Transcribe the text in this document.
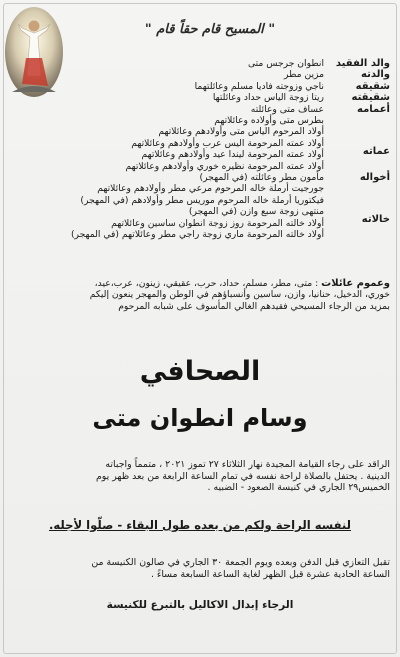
" المسيح قام حقاً قام "
والد الفقيد
انطوان جرجس متى
والدته
مزين مطر
شقيقه
ناجي وزوجته فاديا مسلم وعائلتهما
شقيقته
ريتا زوجة الياس حداد وعائلتها
أعمامه
عساف متى وعائلته
بطرس متى وأولاده وعائلاتهم
أولاد المرحوم الياس متى وأولادهم وعائلاتهم
عماته
أولاد عمته المرحومة اليس عرب وأولادهم وعائلاتهم
أولاد عمته المرحومة ليندا عيد وأولادهم وعائلاتهم
أولاد عمته المرحومة نظيره خوري وأولادهم وعائلاتهم
أخواله
مأمون مطر وعائلته (في المهجر)
جورجيت أرملة خاله المرحوم مرعي مطر وأولادهم وعائلاتهم
فيكتوريا أرملة خاله المرحوم موريس مطر وأولادهم (في المهجر)
خالاته
منتهى زوجة سبع وازن (في المهجر)
أولاد خالته المرحومة روز زوجة انطوان ساسين وعائلاتهم
أولاد خالته المرحومة ماري زوجة راجي مطر وعائلاتهم (في المهجر)
وعموم عائلات : متى، مطر، مسلم، حداد، حرب، عقيقي، زينون، عرب،عيد،
خوري، الدخيل، حنانيا، وازن، ساسين وأنسباؤهم في الوطن والمهجر ينعون إليكم
بمزيد من الرجاء المسيحي فقيدهم الغالي المأسوف على شبابه المرحوم
الصحافي
وسام انطوان متى
الراقد على رجاء القيامة المجيدة نهار الثلاثاء ٢٧ تموز ٢٠٢١ ، متمماً واجباته
الدينية . يحتفل بالصلاة لراحة نفسه في تمام الساعة الرابعة من بعد ظهر يوم
الخميس٢٩ الجاري في كنيسة الصعود - الضبيه .
لنفسه الراحة ولكم من بعده طول البقاء - صلّوا لأجله.
تقبل التعازي قبل الدفن وبعده ويوم الجمعة ٣٠ الجاري في صالون الكنيسة من
الساعة الحادية عشرة قبل الظهر لغاية الساعة السابعة مساءً .
الرجاء إبدال الاكاليل بالتبرع للكنيسة
